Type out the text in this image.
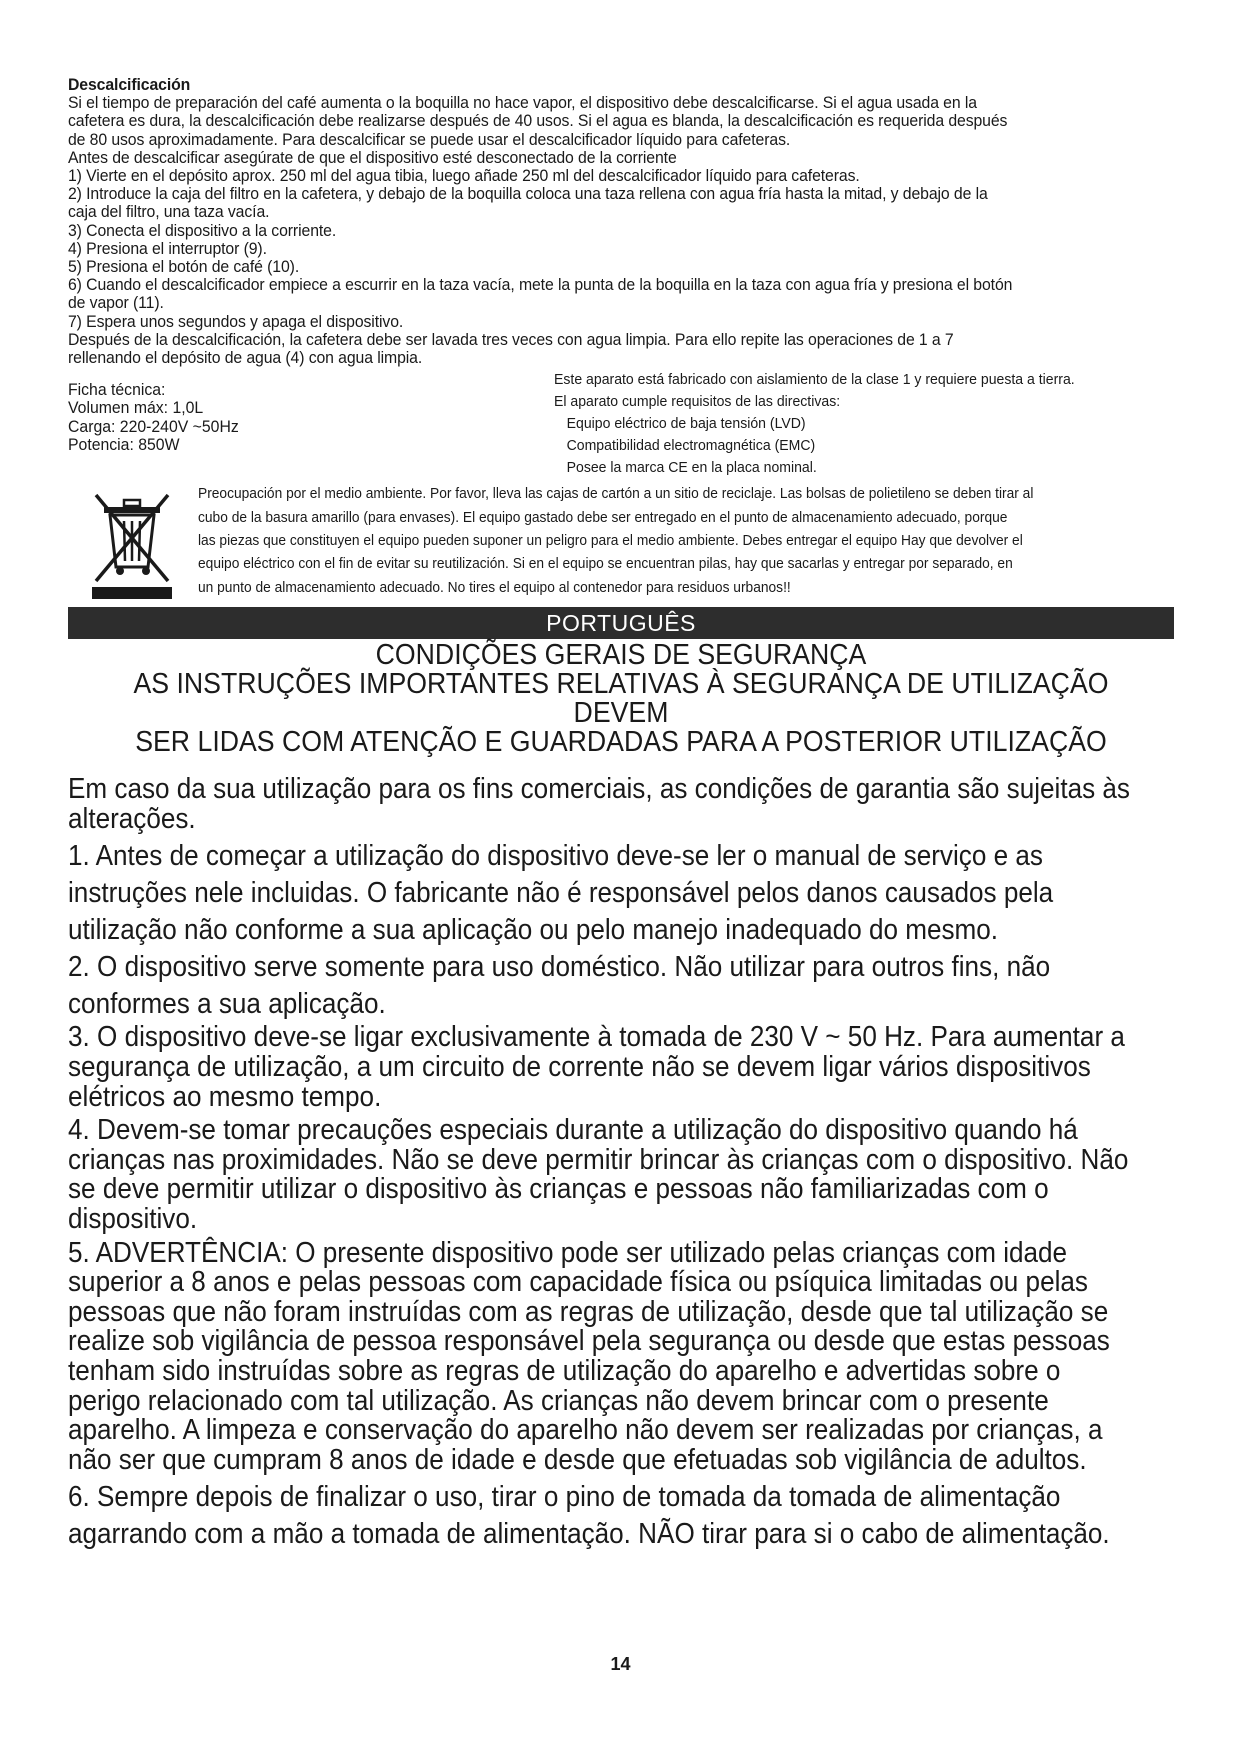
Descalcificación

Si el tiempo de preparación del café aumenta o la boquilla no hace vapor, el dispositivo debe descalcificarse. Si el agua usada en la

cafetera es dura, la descalcificación debe realizarse después de 40 usos. Si el agua es blanda, la descalcificación es requerida después

de 80 usos aproximadamente. Para descalcificar se puede usar el descalcificador líquido para cafeteras.

Antes de descalcificar asegúrate de que el dispositivo esté desconectado de la corriente

1) Vierte en el depósito aprox. 250 ml del agua tibia, luego añade 250 ml del descalcificador líquido para cafeteras.

2) Introduce la caja del filtro en la cafetera, y debajo de la boquilla coloca una taza rellena con agua fría hasta la mitad, y debajo de la

caja del filtro, una taza vacía.

3) Conecta el dispositivo a la corriente.

4) Presiona el interruptor (9).

5) Presiona el botón de café (10).

6) Cuando el descalcificador empiece a escurrir en la taza vacía, mete la punta de la boquilla en la taza con agua fría y presiona el botón

de vapor (11).

7) Espera unos segundos y apaga el dispositivo.

Después de la descalcificación, la cafetera debe ser lavada tres veces con agua limpia. Para ello repite las operaciones de 1 a 7

rellenando el depósito de agua (4) con agua limpia.

Ficha técnica:

Volumen máx: 1,0L

Carga: 220-240V ~50Hz

Potencia: 850W

Este aparato está fabricado con aislamiento de la clase 1 y requiere puesta a tierra.

El aparato cumple requisitos de las directivas:

Equipo eléctrico de baja tensión (LVD)

Compatibilidad electromagnética (EMC)

Posee la marca CE en la placa nominal.

Preocupación por el medio ambiente. Por favor, lleva las cajas de cartón a un sitio de reciclaje. Las bolsas de polietileno se deben tirar al

cubo de la basura amarillo (para envases). El equipo gastado debe ser entregado en el punto de almacenamiento adecuado, porque

las piezas que constituyen el equipo pueden suponer un peligro para el medio ambiente. Debes entregar el equipo Hay que devolver el

equipo eléctrico con el fin de evitar su reutilización. Si en el equipo se encuentran pilas, hay que sacarlas y entregar por separado, en

un punto de almacenamiento adecuado. No tires el equipo al contenedor para residuos urbanos!!

PORTUGUÊS

CONDIÇÕES GERAIS DE SEGURANÇA

AS INSTRUÇÕES IMPORTANTES RELATIVAS À SEGURANÇA DE UTILIZAÇÃO DEVEM

SER LIDAS COM ATENÇÃO E GUARDADAS PARA A POSTERIOR UTILIZAÇÃO

Em caso da sua utilização para os fins comerciais, as condições de garantia são sujeitas às

alterações.

1. Antes de começar a utilização do dispositivo deve-se ler o manual de serviço e as

instruções nele incluidas. O fabricante não é responsável pelos danos causados pela

utilização não conforme a sua aplicação ou pelo manejo inadequado do mesmo.

2. O dispositivo serve somente para uso doméstico. Não utilizar para outros fins, não

conformes a sua aplicação.

3. O dispositivo deve-se ligar exclusivamente à tomada de 230 V ~ 50 Hz. Para aumentar a

segurança de utilização, a um circuito de corrente não se devem ligar vários dispositivos

elétricos ao mesmo tempo.

4. Devem-se tomar precauções especiais durante a utilização do dispositivo quando há

crianças nas proximidades. Não se deve permitir brincar às crianças com o dispositivo. Não

se deve permitir utilizar o dispositivo às crianças e pessoas não familiarizadas com o

dispositivo.

5. ADVERTÊNCIA: O presente dispositivo pode ser utilizado pelas crianças com idade

superior a 8 anos e pelas pessoas com capacidade física ou psíquica limitadas ou pelas

pessoas que não foram instruídas com as regras de utilização, desde que tal utilização se

realize sob vigilância de pessoa responsável pela segurança ou desde que estas pessoas

tenham sido instruídas sobre as regras de utilização do aparelho e advertidas sobre o

perigo relacionado com tal utilização. As crianças não devem brincar com o presente

aparelho. A limpeza e conservação do aparelho não devem ser realizadas por crianças, a

não ser que cumpram 8 anos de idade e desde que efetuadas sob vigilância de adultos.

6. Sempre depois de finalizar o uso, tirar o pino de tomada da tomada de alimentação

agarrando com a mão a tomada de alimentação. NÃO tirar para si o cabo de alimentação.

14
